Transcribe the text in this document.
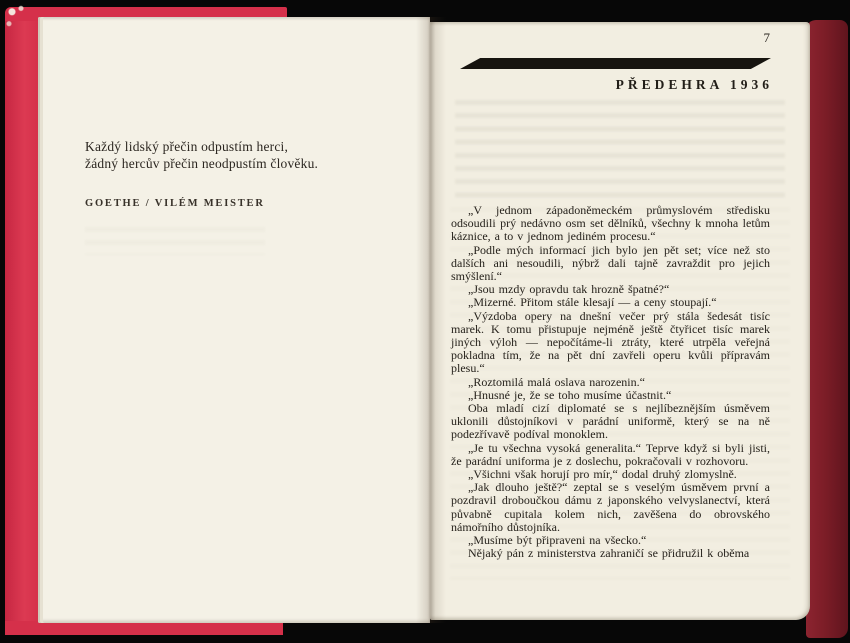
Každý lidský přečin odpustím herci,
žádný hercův přečin neodpustím člověku.
GOETHE / VILÉM MEISTER
7
PŘEDEHRA 1936

„V jednom západoněmeckém průmyslovém středisku odsoudili prý nedávno osm set dělníků, všechny k mnoha letům káznice, a to v jednom jediném procesu.“

„Podle mých informací jich bylo jen pět set; více než sto dalších ani nesoudili, nýbrž dali tajně zavraždit pro jejich smýšlení.“

„Jsou mzdy opravdu tak hrozně špatné?“

„Mizerné. Přitom stále klesají — a ceny stoupají.“

„Výzdoba opery na dnešní večer prý stála šedesát tisíc marek. K tomu přistupuje nejméně ještě čtyřicet tisíc marek jiných výloh — nepočítáme-li ztráty, které utrpěla veřejná pokladna tím, že na pět dní zavřeli operu kvůli přípravám plesu.“

„Roztomilá malá oslava narozenin.“

„Hnusné je, že se toho musíme účastnit.“

Oba mladí cizí diplomaté se s nejlíbeznějším úsměvem uklonili důstojníkovi v parádní uniformě, který se na ně podezřívavě podíval monoklem.

„Je tu všechna vysoká generalita.“ Teprve když si byli jisti, že parádní uniforma je z doslechu, pokračovali v rozhovoru.

„Všichni však horují pro mír,“ dodal druhý zlomyslně.

„Jak dlouho ještě?“ zeptal se s veselým úsměvem první a pozdravil droboučkou dámu z japonského velvyslanectví, která půvabně cupitala kolem nich, zavěšena do obrovského námořního důstojníka.

„Musíme být připraveni na všecko.“

Nějaký pán z ministerstva zahraničí se přidružil k oběma
